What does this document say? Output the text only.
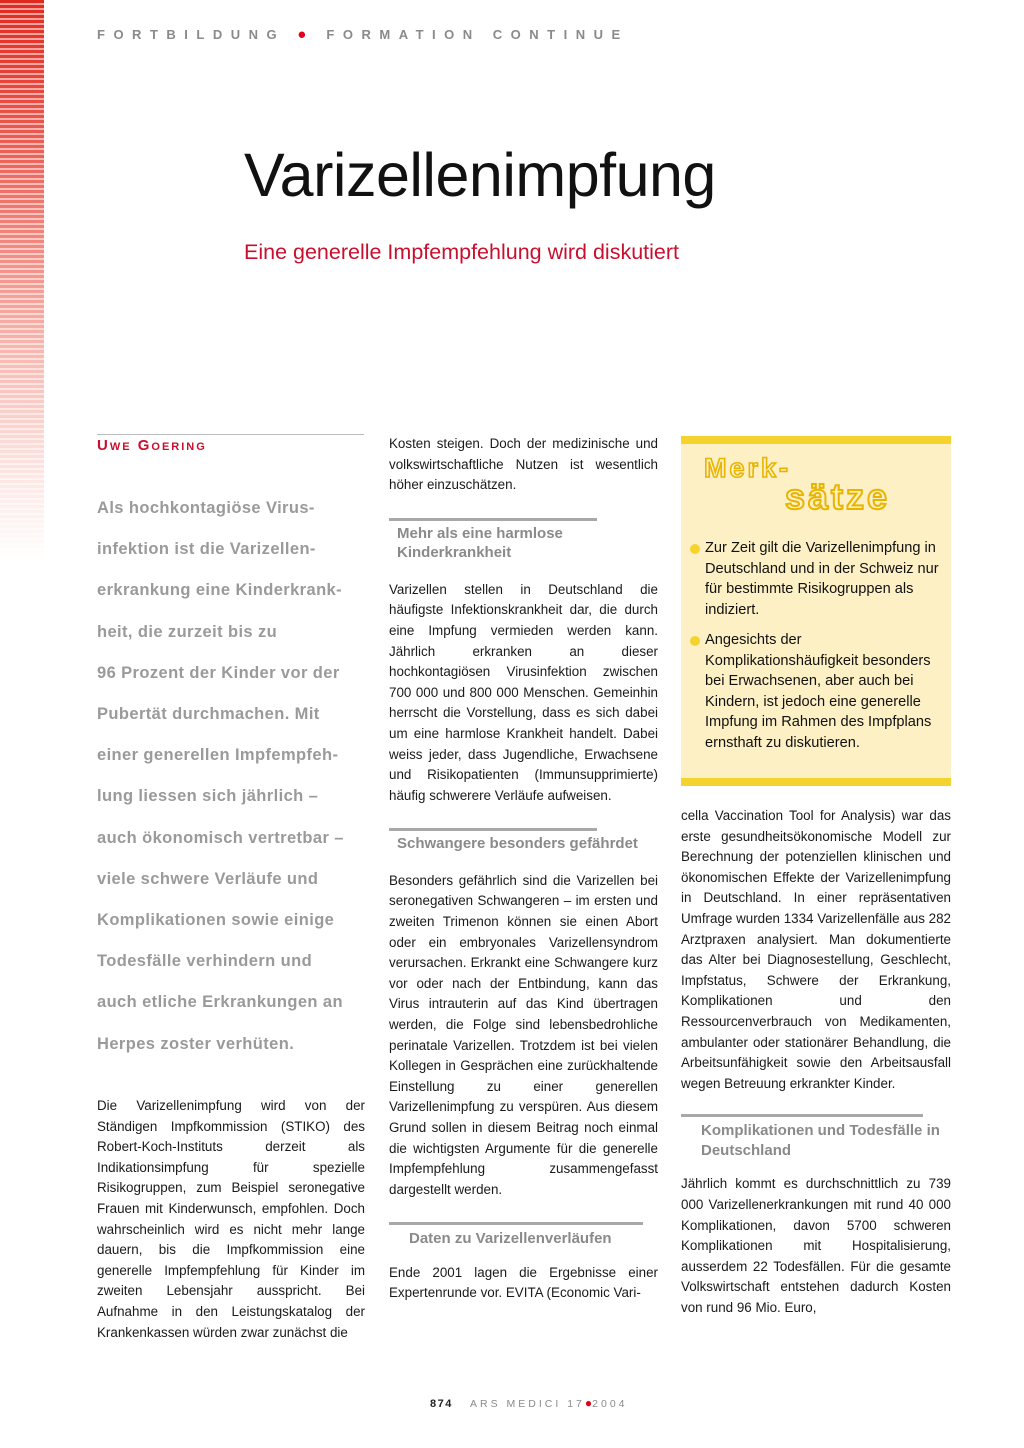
FORTBILDUNG ● FORMATION CONTINUE
Varizellenimpfung
Eine generelle Impfempfehlung wird diskutiert
Uwe Goering
Als hochkontagiöse Virus-
infektion ist die Varizellen-
erkrankung eine Kinderkrank-
heit, die zurzeit bis zu
96 Prozent der Kinder vor der
Pubertät durchmachen. Mit
einer generellen Impfempfeh-
lung liessen sich jährlich –
auch ökonomisch vertretbar –
viele schwere Verläufe und
Komplikationen sowie einige
Todesfälle verhindern und
auch etliche Erkrankungen an
Herpes zoster verhüten.

Die Varizellenimpfung wird von der Ständigen Impfkommission (STIKO) des Robert-Koch-Instituts derzeit als Indikationsimpfung für spezielle Risikogruppen, zum Beispiel seronegative Frauen mit Kinderwunsch, empfohlen. Doch wahrscheinlich wird es nicht mehr lange dauern, bis die Impfkommission eine generelle Impfempfehlung für Kinder im zweiten Lebensjahr ausspricht. Bei Aufnahme in den Leistungskatalog der Krankenkassen würden zwar zunächst die

Kosten steigen. Doch der medizinische und volkswirtschaftliche Nutzen ist wesentlich höher einzuschätzen.

Mehr als eine harmlose Kinderkrankheit

Varizellen stellen in Deutschland die häufigste Infektionskrankheit dar, die durch eine Impfung vermieden werden kann. Jährlich erkranken an dieser hochkontagiösen Virusinfektion zwischen 700 000 und 800 000 Menschen. Gemeinhin herrscht die Vorstellung, dass es sich dabei um eine harmlose Krankheit handelt. Dabei weiss jeder, dass Jugendliche, Erwachsene und Risikopatienten (Immunsupprimierte) häufig schwerere Verläufe aufweisen.

Schwangere besonders gefährdet

Besonders gefährlich sind die Varizellen bei seronegativen Schwangeren – im ersten und zweiten Trimenon können sie einen Abort oder ein embryonales Varizellensyndrom verursachen. Erkrankt eine Schwangere kurz vor oder nach der Entbindung, kann das Virus intrauterin auf das Kind übertragen werden, die Folge sind lebensbedrohliche perinatale Varizellen. Trotzdem ist bei vielen Kollegen in Gesprächen eine zurückhaltende Einstellung zu einer generellen Varizellenimpfung zu verspüren. Aus diesem Grund sollen in diesem Beitrag noch einmal die wichtigsten Argumente für die generelle Impfempfehlung zusammengefasst dargestellt werden.

Daten zu Varizellenverläufen

Ende 2001 lagen die Ergebnisse einer Expertenrunde vor. EVITA (Economic Vari-

Merk-
sätze
Zur Zeit gilt die Varizellenimpfung in Deutschland und in der Schweiz nur für bestimmte Risikogruppen als indiziert.
Angesichts der Komplikationshäufigkeit besonders bei Erwachsenen, aber auch bei Kindern, ist jedoch eine generelle Impfung im Rahmen des Impfplans ernsthaft zu diskutieren.

cella Vaccination Tool for Analysis) war das erste gesundheitsökonomische Modell zur Berechnung der potenziellen klinischen und ökonomischen Effekte der Varizellenimpfung in Deutschland. In einer repräsentativen Umfrage wurden 1334 Varizellenfälle aus 282 Arztpraxen analysiert. Man dokumentierte das Alter bei Diagnosestellung, Geschlecht, Impfstatus, Schwere der Erkrankung, Komplikationen und den Ressourcenverbrauch von Medikamenten, ambulanter oder stationärer Behandlung, die Arbeitsunfähigkeit sowie den Arbeitsausfall wegen Betreuung erkrankter Kinder.

Komplikationen und Todesfälle in Deutschland

Jährlich kommt es durchschnittlich zu 739 000 Varizellenerkrankungen mit rund 40 000 Komplikationen, davon 5700 schweren Komplikationen mit Hospitalisierung, ausserdem 22 Todesfällen. Für die gesamte Volkswirtschaft entstehen dadurch Kosten von rund 96 Mio. Euro,

874 ARS MEDICI 17●2004
